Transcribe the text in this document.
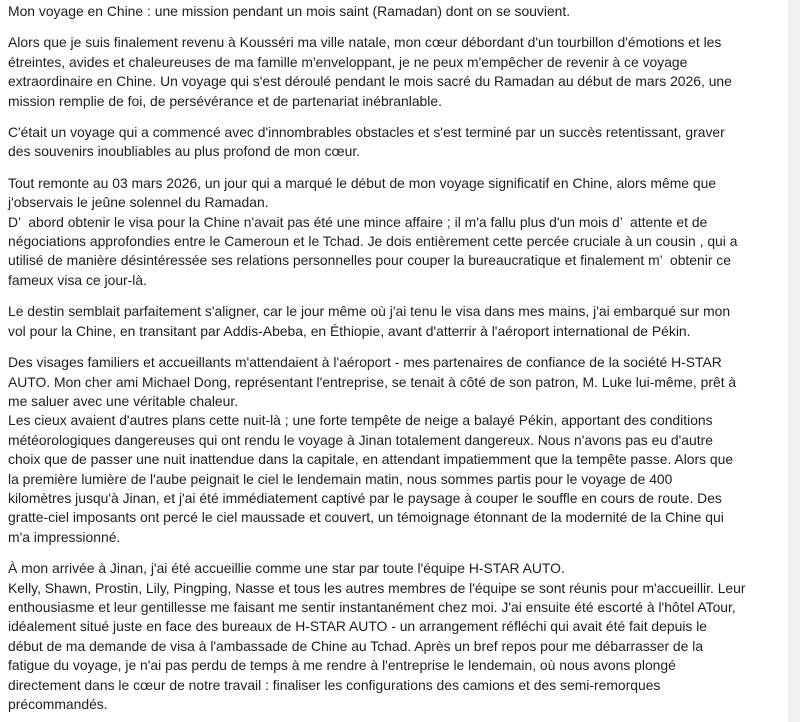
Mon voyage en Chine : une mission pendant un mois saint (Ramadan) dont on se souvient.
Alors que je suis finalement revenu à Kousséri ma ville natale, mon cœur débordant d'un tourbillon d'émotions et les
étreintes, avides et chaleureuses de ma famille m'enveloppant, je ne peux m'empêcher de revenir à ce voyage
extraordinaire en Chine. Un voyage qui s'est déroulé pendant le mois sacré du Ramadan au début de mars 2026, une
mission remplie de foi, de persévérance et de partenariat inébranlable.
C'était un voyage qui a commencé avec d'innombrables obstacles et s'est terminé par un succès retentissant, graver
des souvenirs inoubliables au plus profond de mon cœur.
Tout remonte au 03 mars 2026, un jour qui a marqué le début de mon voyage significatif en Chine, alors même que
j'observais le jeûne solennel du Ramadan.
D’  abord obtenir le visa pour la Chine n'avait pas été une mince affaire ; il m'a fallu plus d'un mois d’  attente et de
négociations approfondies entre le Cameroun et le Tchad. Je dois entièrement cette percée cruciale à un cousin , qui a
utilisé de manière désintéressée ses relations personnelles pour couper la bureaucratique et finalement m’  obtenir ce
fameux visa ce jour-là.
Le destin semblait parfaitement s'aligner, car le jour même où j'ai tenu le visa dans mes mains, j'ai embarqué sur mon
vol pour la Chine, en transitant par Addis-Abeba, en Éthiopie, avant d'atterrir à l'aéroport international de Pékin.
Des visages familiers et accueillants m'attendaient à l'aéroport - mes partenaires de confiance de la société H-STAR
AUTO. Mon cher ami Michael Dong, représentant l'entreprise, se tenait à côté de son patron, M. Luke lui-même, prêt à
me saluer avec une véritable chaleur.
Les cieux avaient d'autres plans cette nuit-là ; une forte tempête de neige a balayé Pékin, apportant des conditions
météorologiques dangereuses qui ont rendu le voyage à Jinan totalement dangereux. Nous n'avons pas eu d'autre
choix que de passer une nuit inattendue dans la capitale, en attendant impatiemment que la tempête passe. Alors que
la première lumière de l'aube peignait le ciel le lendemain matin, nous sommes partis pour le voyage de 400
kilomètres jusqu'à Jinan, et j'ai été immédiatement captivé par le paysage à couper le souffle en cours de route. Des
gratte-ciel imposants ont percé le ciel maussade et couvert, un témoignage étonnant de la modernité de la Chine qui
m'a impressionné.
À mon arrivée à Jinan, j'ai été accueillie comme une star par toute l'équipe H-STAR AUTO.
Kelly, Shawn, Prostin, Lily, Pingping, Nasse et tous les autres membres de l'équipe se sont réunis pour m'accueillir. Leur
enthousiasme et leur gentillesse me faisant me sentir instantanément chez moi. J'ai ensuite été escorté à l'hôtel ATour,
idéalement situé juste en face des bureaux de H-STAR AUTO - un arrangement réfléchi qui avait été fait depuis le
début de ma demande de visa à l'ambassade de Chine au Tchad. Après un bref repos pour me débarrasser de la
fatigue du voyage, je n'ai pas perdu de temps à me rendre à l'entreprise le lendemain, où nous avons plongé
directement dans le cœur de notre travail : finaliser les configurations des camions et des semi-remorques
précommandés.
